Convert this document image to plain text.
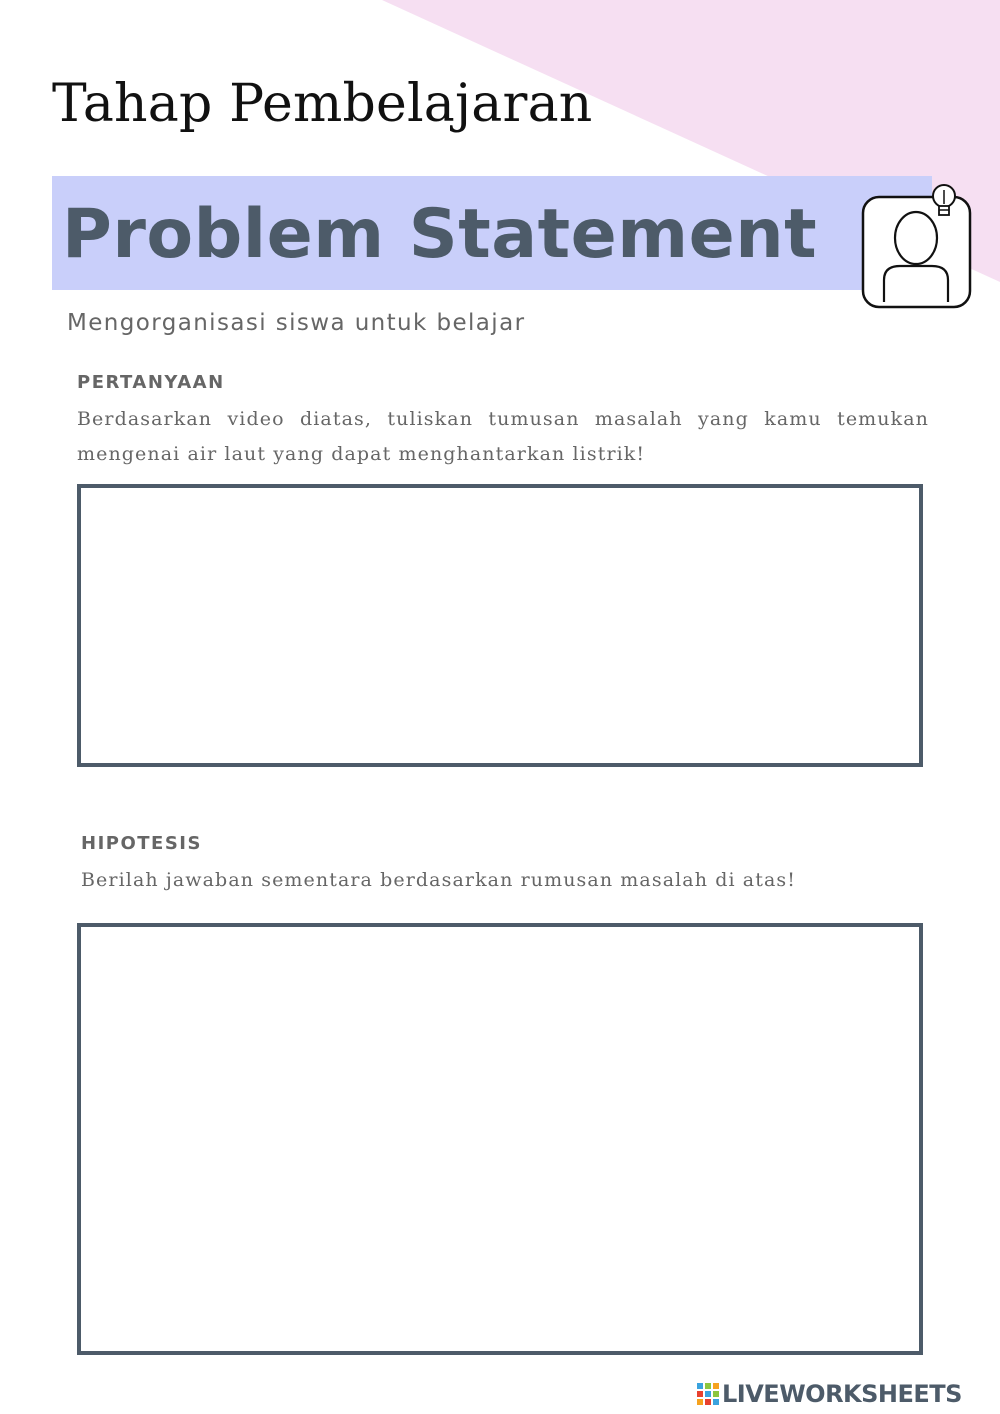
Tahap Pembelajaran
Problem Statement

Mengorganisasi siswa untuk belajar

PERTANYAAN

Berdasarkan video diatas, tuliskan tumusan masalah yang kamu temukan mengenai air laut yang dapat menghantarkan listrik!

HIPOTESIS

Berilah jawaban sementara berdasarkan rumusan masalah di atas!

LIVEWORKSHEETS
